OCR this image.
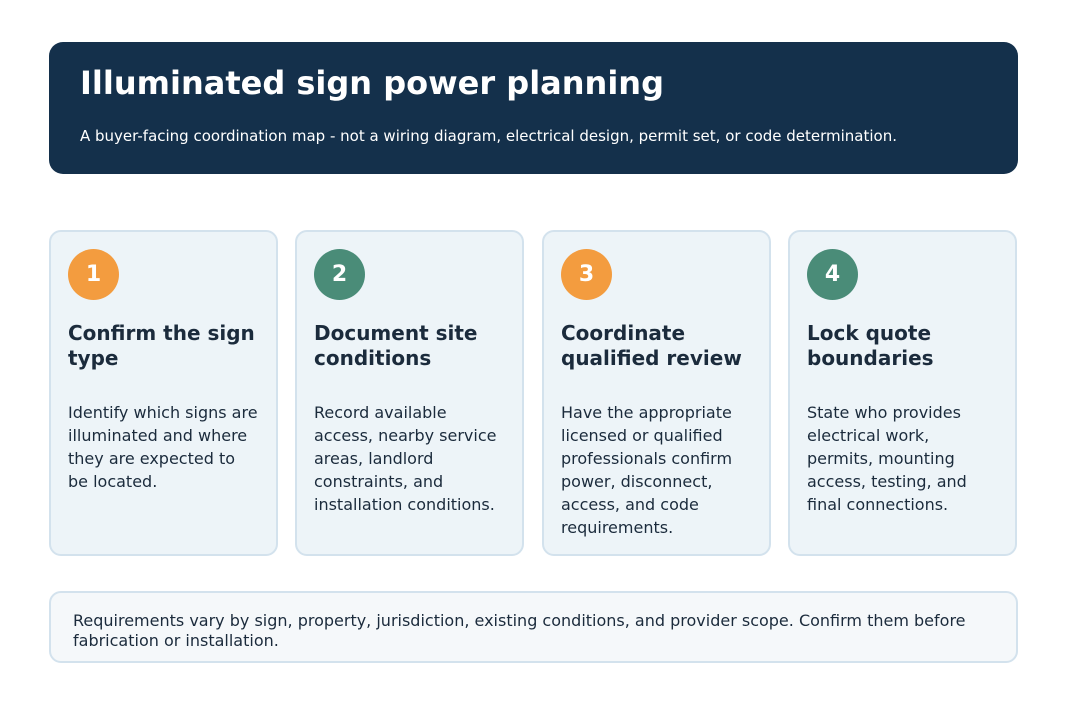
Illuminated sign power planning

A buyer-facing coordination map - not a wiring diagram, electrical design, permit set, or code determination.

1
Confirm the sign type

Identify which signs are illuminated and where they are expected to be located.

2
Document site conditions

Record available access, nearby service areas, landlord constraints, and installation conditions.

3
Coordinate qualified review

Have the appropriate licensed or qualified professionals confirm power, disconnect, access, and code requirements.

4
Lock quote boundaries

State who provides electrical work, permits, mounting access, testing, and final connections.

Requirements vary by sign, property, jurisdiction, existing conditions, and provider scope. Confirm them before fabrication or installation.
